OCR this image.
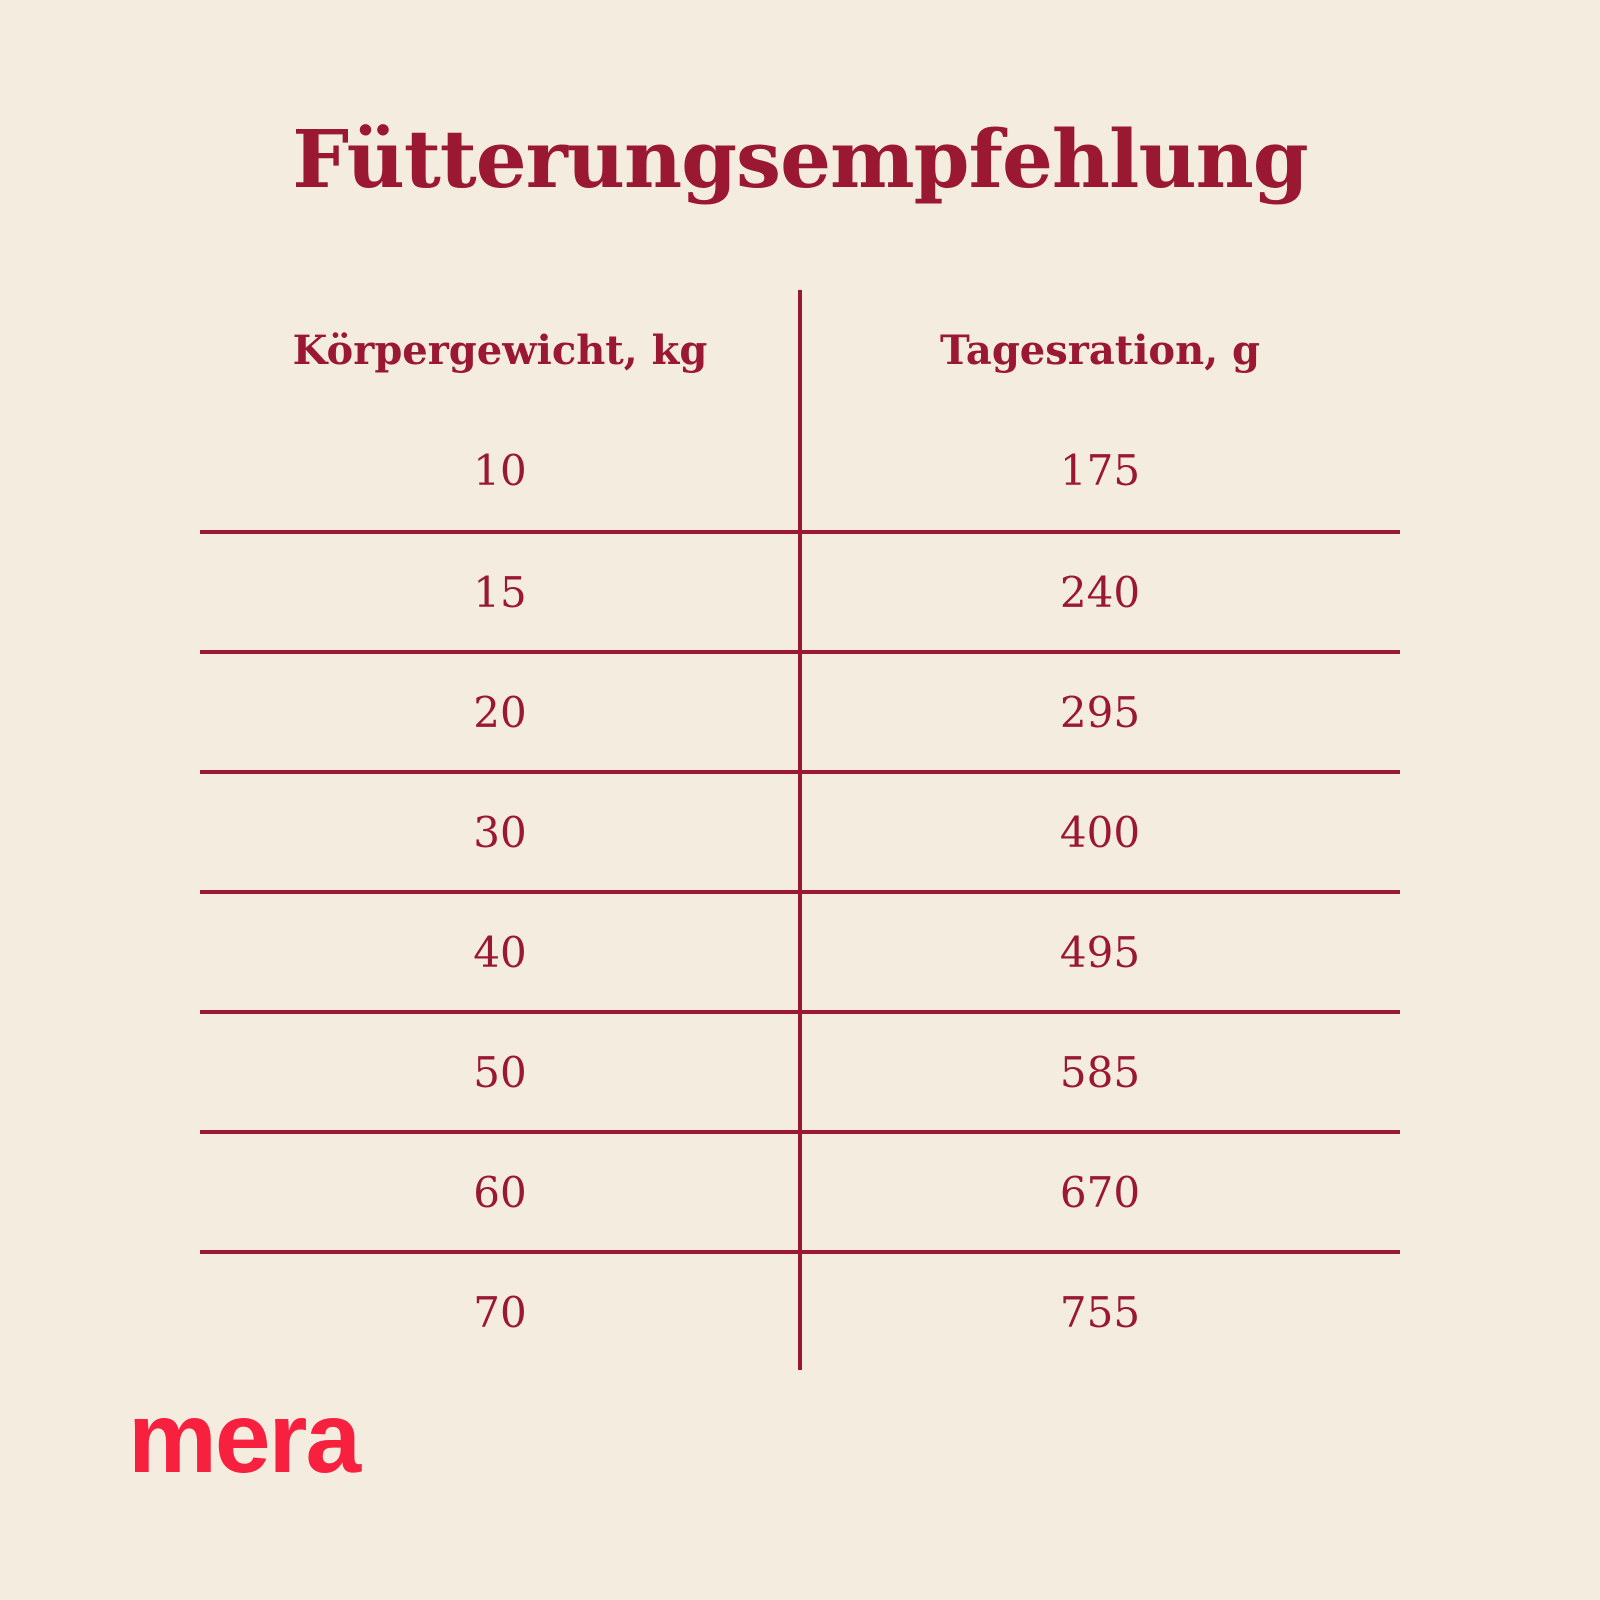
Fütterungsempfehlung
Körpergewicht, kg	Tagesration, g
10	175
15	240
20	295
30	400
40	495
50	585
60	670
70	755
mera
